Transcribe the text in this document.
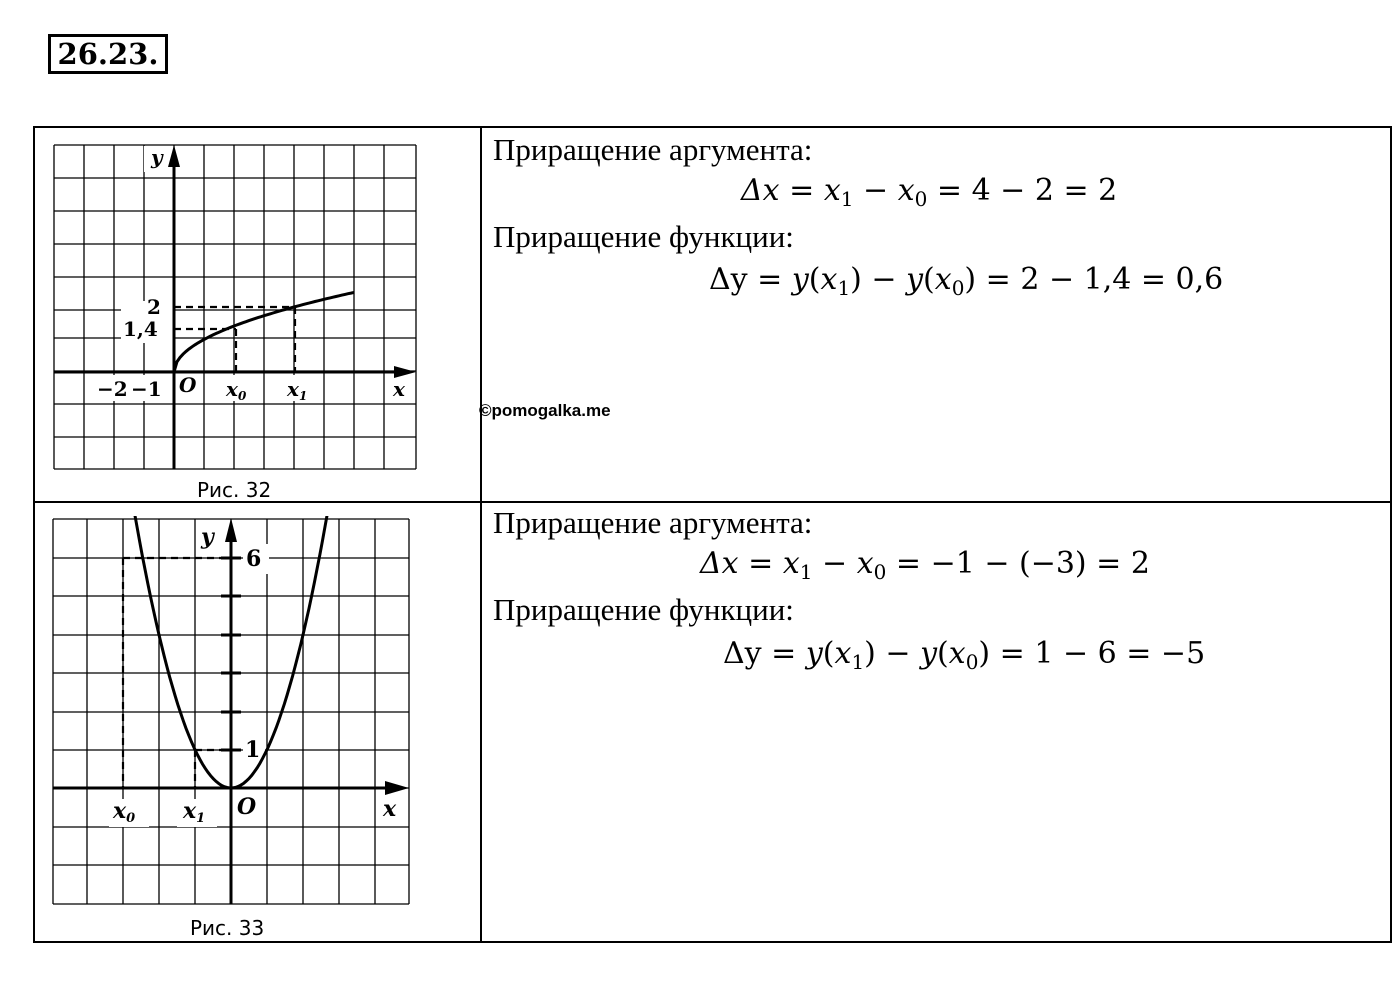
26.23.
y
x
O
2
1,4
−2 −1	$x_0$ $x_1$
Рис. 32
Приращение аргумента:
$\Delta x = x_1 - x_0 = 4 - 2 = 2$
Приращение функции:
$\Delta y = y(x_1) - y(x_0) = 2 - 1,4 = 0,6$
©pomogalka.me
y
x
O
6
1
x0 x1
Рис. 33
Приращение аргумента:
$\Delta x = x_1 - x_0 = -1 - (-3) = 2$
Приращение функции:
$\Delta y = y(x_1) - y(x_0) = 1 - 6 = -5$
